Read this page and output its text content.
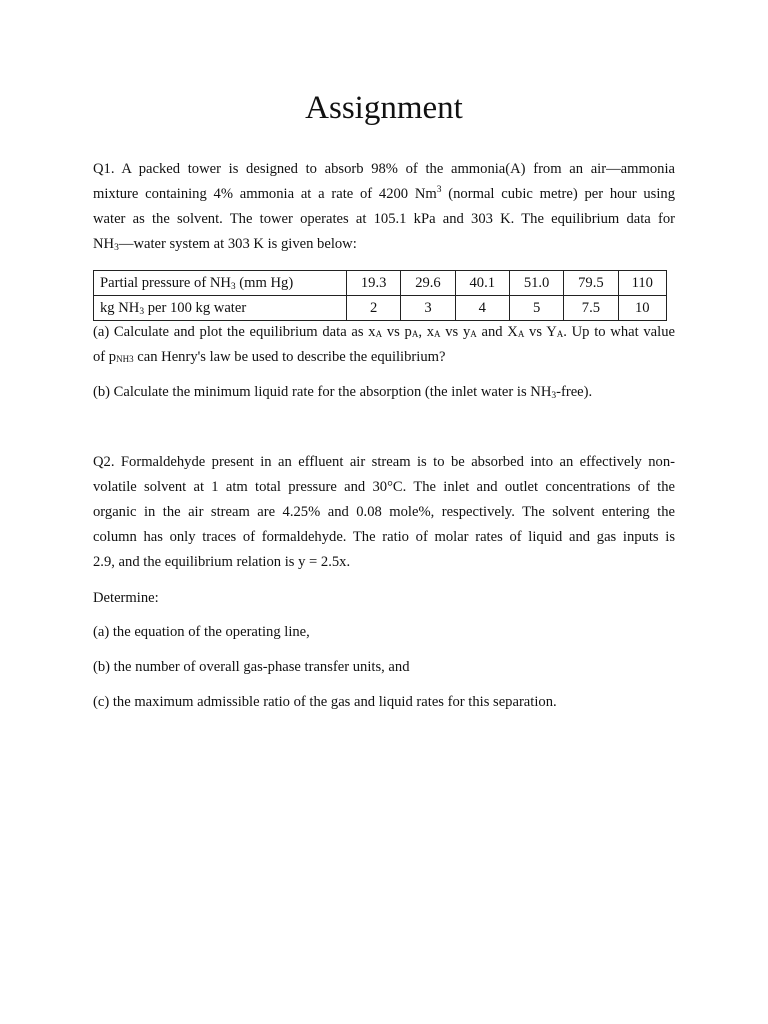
Assignment
Q1. A packed tower is designed to absorb 98% of the ammonia(A) from an air—ammonia
mixture containing 4% ammonia at a rate of 4200 Nm$^3$ (normal cubic metre) per hour using
water as the solvent. The tower operates at 105.1 kPa and 303 K. The equilibrium data for
$NH_3—water$ system at 303 K is given below:
Partial pressure of $NH_3$ (mm Hg)	19.3	29.6	40.1	51.0	79.5	110
kg $NH_3$ per 100 kg water	2	3	4	5	7.5	10
(a) Calculate and plot the equilibrium data as $x_A$ vs $p_A$, $x_A$ vs $y_A$ and $X_A$ vs $Y_A$. Up to what value
of $p_{NH3}$ can Henry's law be used to describe the equilibrium?
(b) Calculate the minimum liquid rate for the absorption (the inlet water is $NH_3-free$).
Q2. Formaldehyde present in an effluent air stream is to be absorbed into an effectively non-
volatile solvent at 1 atm total pressure and 30°C. The inlet and outlet concentrations of the
organic in the air stream are 4.25% and 0.08 mole%, respectively. The solvent entering the
column has only traces of formaldehyde. The ratio of molar rates of liquid and gas inputs is
2.9, and the equilibrium relation is y = 2.5x.
Determine:
(a) the equation of the operating line,
(b) the number of overall gas-phase transfer units, and
(c) the maximum admissible ratio of the gas and liquid rates for this separation.
